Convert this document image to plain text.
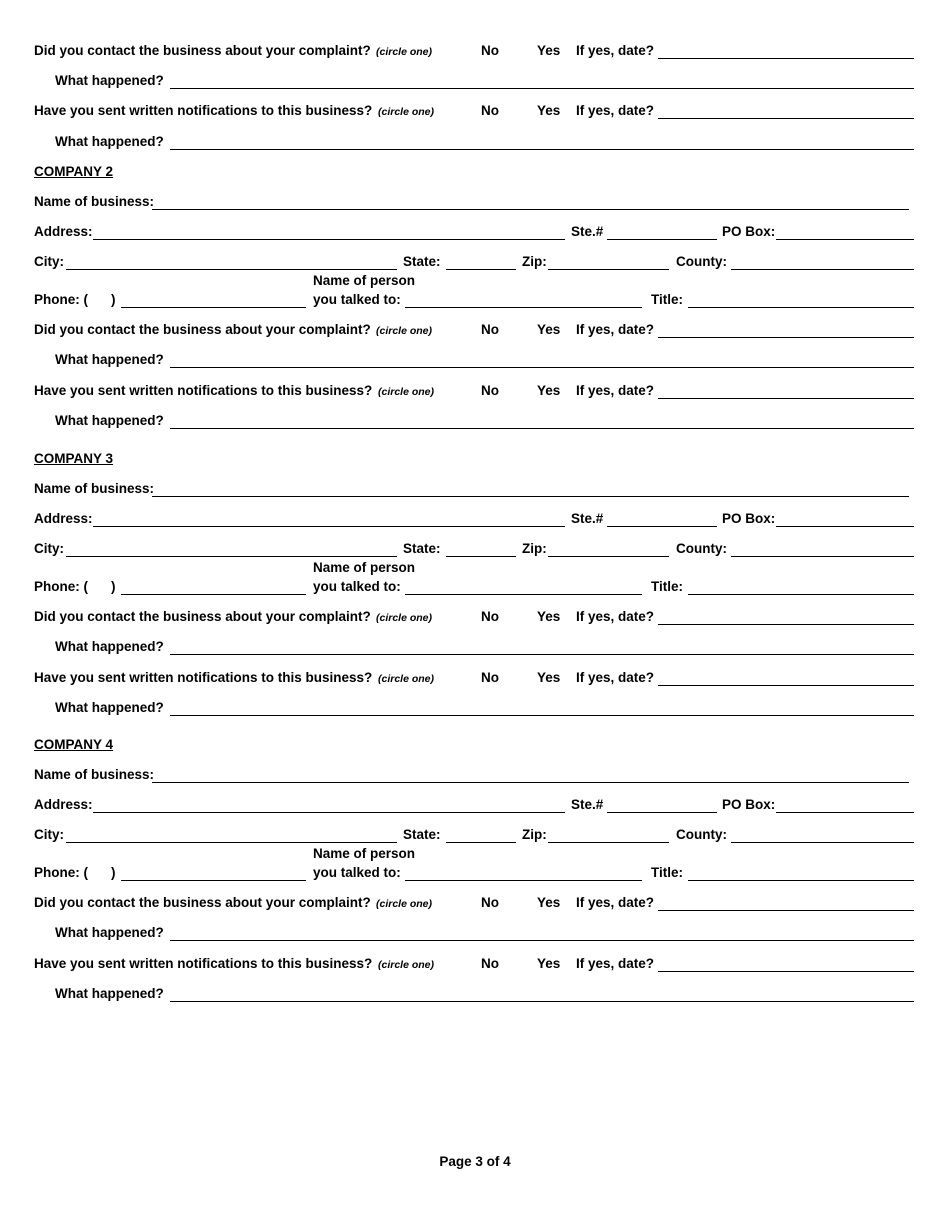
Did you contact the business about your complaint? (circle one)	No	Yes If yes, date?
What happened?
Have you sent written notifications to this business? (circle one)	No	Yes If yes, date?
What happened?
COMPANY 2
Name of business:
Address:	Ste.#	PO Box:
City:	State:	Zip:	County:
Name of person
Phone: ( )	you talked to:	Title:
Did you contact the business about your complaint? (circle one)	No	Yes If yes, date?
What happened?
Have you sent written notifications to this business? (circle one)	No	Yes If yes, date?
What happened?
COMPANY 3
Name of business:
Address:	Ste.#	PO Box:
City:	State:	Zip:	County:
Name of person
Phone: ( )	you talked to:	Title:
Did you contact the business about your complaint? (circle one)	No	Yes If yes, date?
What happened?
Have you sent written notifications to this business? (circle one)	No	Yes If yes, date?
What happened?
COMPANY 4
Name of business:
Address:	Ste.#	PO Box:
City:	State:	Zip:	County:
Name of person
Phone: ( )	you talked to:	Title:
Did you contact the business about your complaint? (circle one)	No	Yes If yes, date?
What happened?
Have you sent written notifications to this business? (circle one)	No	Yes If yes, date?
What happened?
Page 3 of 4
